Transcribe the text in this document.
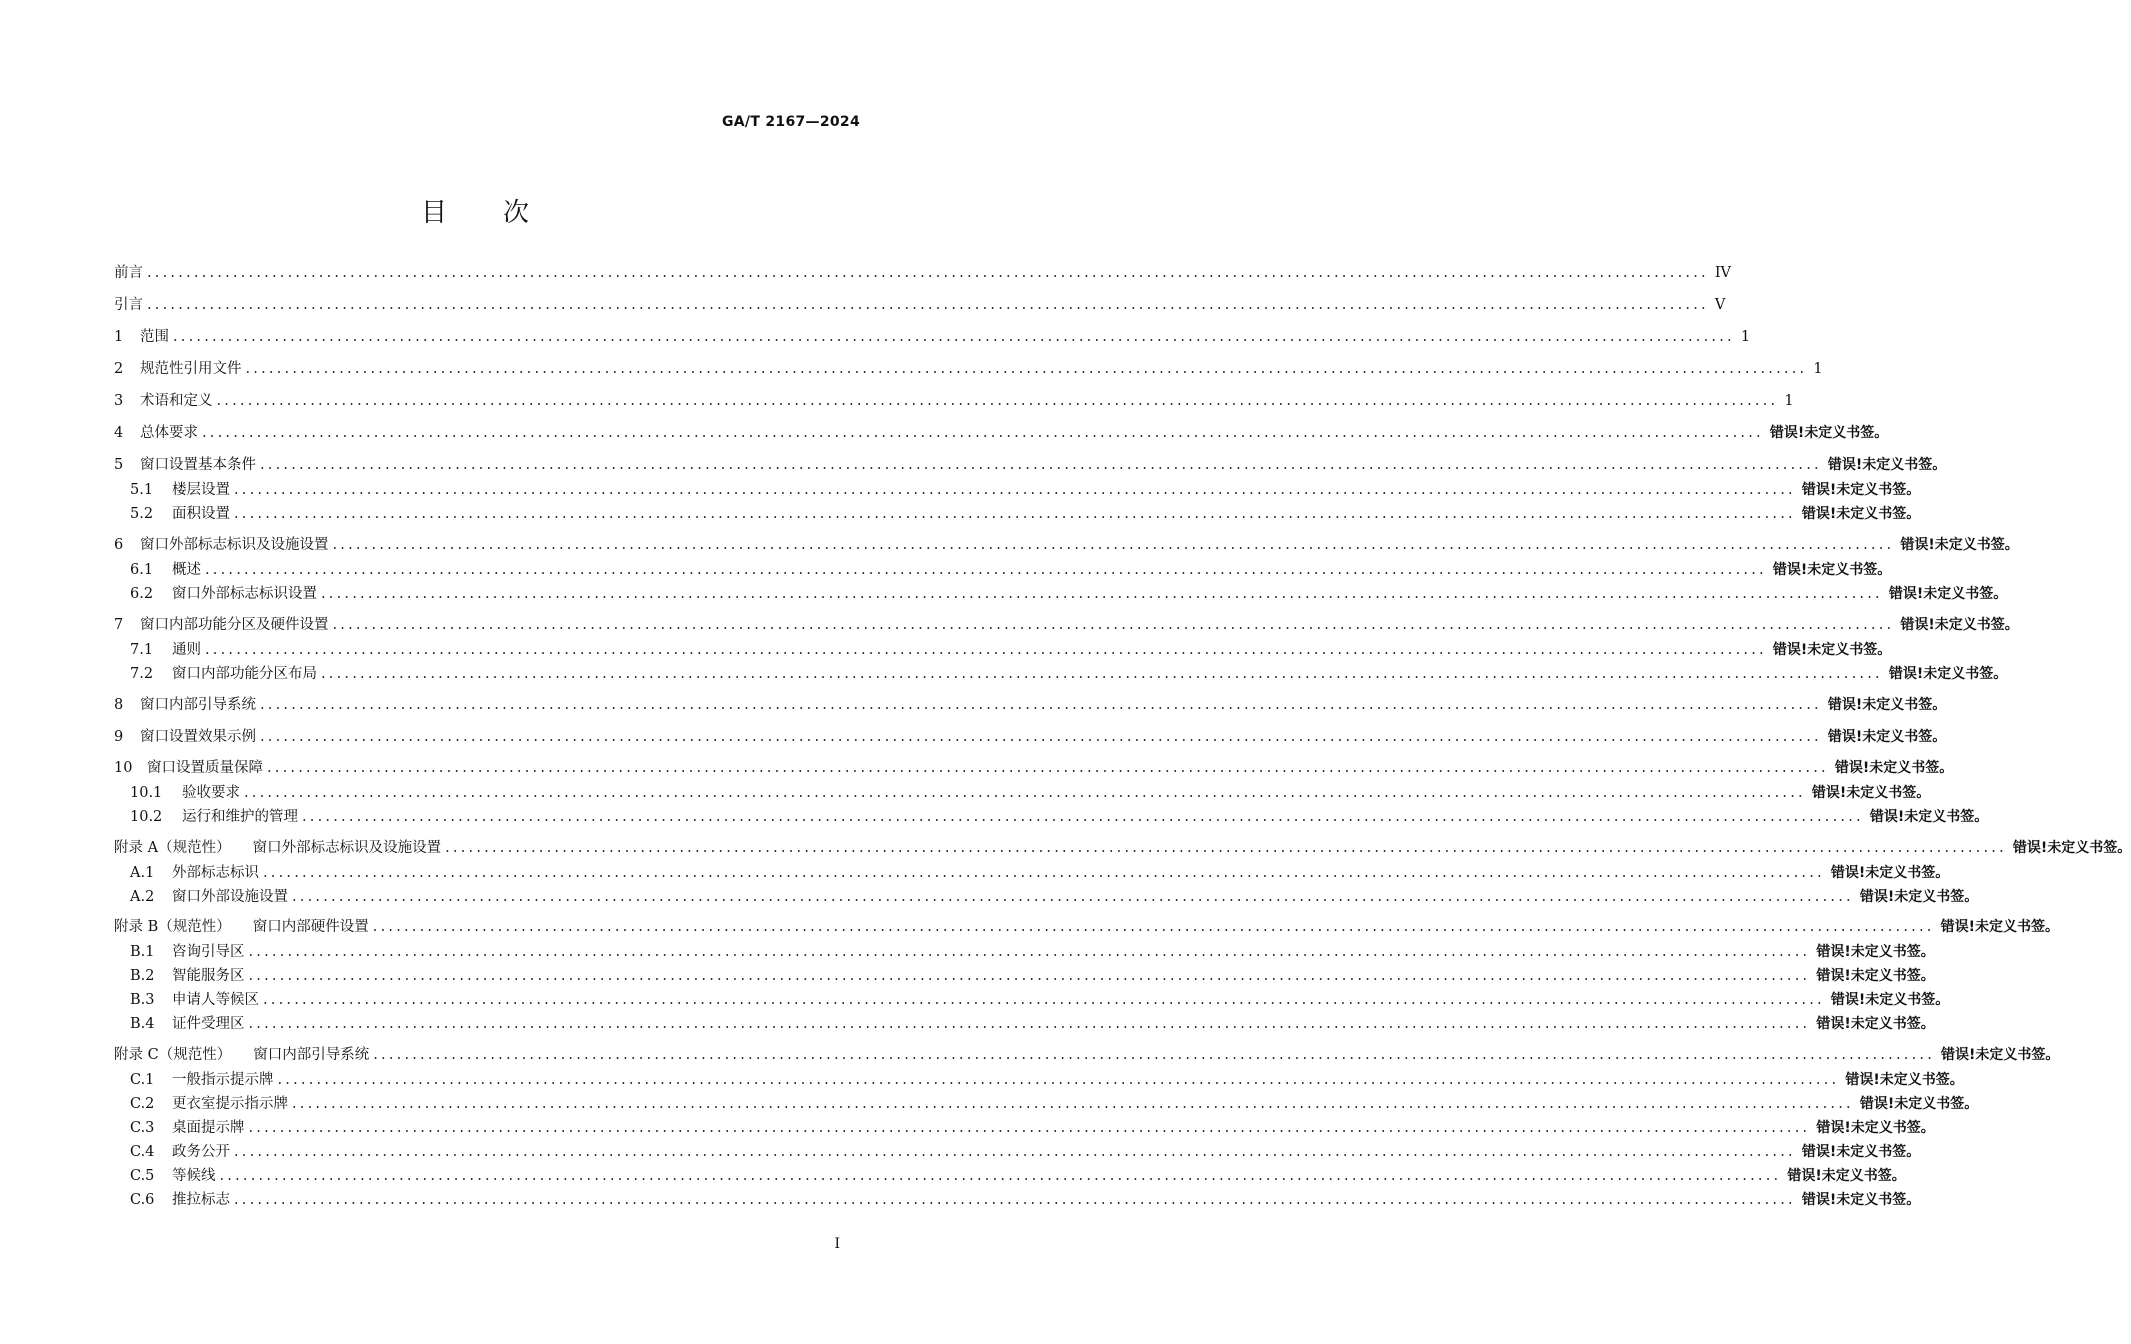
GA/T 2167—2024
目 次
前言 ........................................................................................................................................................................................................ IV
引言 ........................................................................................................................................................................................................ V
1	范围 ........................................................................................................................................................................................................ 1
2	规范性引用文件 ........................................................................................................................................................................................................ 1
3	术语和定义 ........................................................................................................................................................................................................ 1
4	总体要求 ........................................................................................................................................................................................................ 错误!未定义书签。
5	窗口设置基本条件 ........................................................................................................................................................................................................ 错误!未定义书签。
5.1	楼层设置 ........................................................................................................................................................................................................ 错误!未定义书签。
5.2	面积设置 ........................................................................................................................................................................................................ 错误!未定义书签。
6	窗口外部标志标识及设施设置 ........................................................................................................................................................................................................ 错误!未定义书签。
6.1	概述 ........................................................................................................................................................................................................ 错误!未定义书签。
6.2	窗口外部标志标识设置 ........................................................................................................................................................................................................ 错误!未定义书签。
7	窗口内部功能分区及硬件设置 ........................................................................................................................................................................................................ 错误!未定义书签。
7.1	通则 ........................................................................................................................................................................................................ 错误!未定义书签。
7.2	窗口内部功能分区布局 ........................................................................................................................................................................................................ 错误!未定义书签。
8	窗口内部引导系统 ........................................................................................................................................................................................................ 错误!未定义书签。
9	窗口设置效果示例 ........................................................................................................................................................................................................ 错误!未定义书签。
10	窗口设置质量保障 ........................................................................................................................................................................................................ 错误!未定义书签。
10.1	验收要求 ........................................................................................................................................................................................................ 错误!未定义书签。
10.2	运行和维护的管理 ........................................................................................................................................................................................................ 错误!未定义书签。
附录 A（规范性） 窗口外部标志标识及设施设置 ........................................................................................................................................................................................................ 错误!未定义书签。
A.1	外部标志标识 ........................................................................................................................................................................................................ 错误!未定义书签。
A.2	窗口外部设施设置 ........................................................................................................................................................................................................ 错误!未定义书签。
附录 B（规范性） 窗口内部硬件设置 ........................................................................................................................................................................................................ 错误!未定义书签。
B.1	咨询引导区 ........................................................................................................................................................................................................ 错误!未定义书签。
B.2	智能服务区 ........................................................................................................................................................................................................ 错误!未定义书签。
B.3	申请人等候区 ........................................................................................................................................................................................................ 错误!未定义书签。
B.4	证件受理区 ........................................................................................................................................................................................................ 错误!未定义书签。
附录 C（规范性） 窗口内部引导系统 ........................................................................................................................................................................................................ 错误!未定义书签。
C.1	一般指示提示牌 ........................................................................................................................................................................................................ 错误!未定义书签。
C.2	更衣室提示指示牌 ........................................................................................................................................................................................................ 错误!未定义书签。
C.3	桌面提示牌 ........................................................................................................................................................................................................ 错误!未定义书签。
C.4	政务公开 ........................................................................................................................................................................................................ 错误!未定义书签。
C.5	等候线 ........................................................................................................................................................................................................ 错误!未定义书签。
C.6	推拉标志 ........................................................................................................................................................................................................ 错误!未定义书签。
I
